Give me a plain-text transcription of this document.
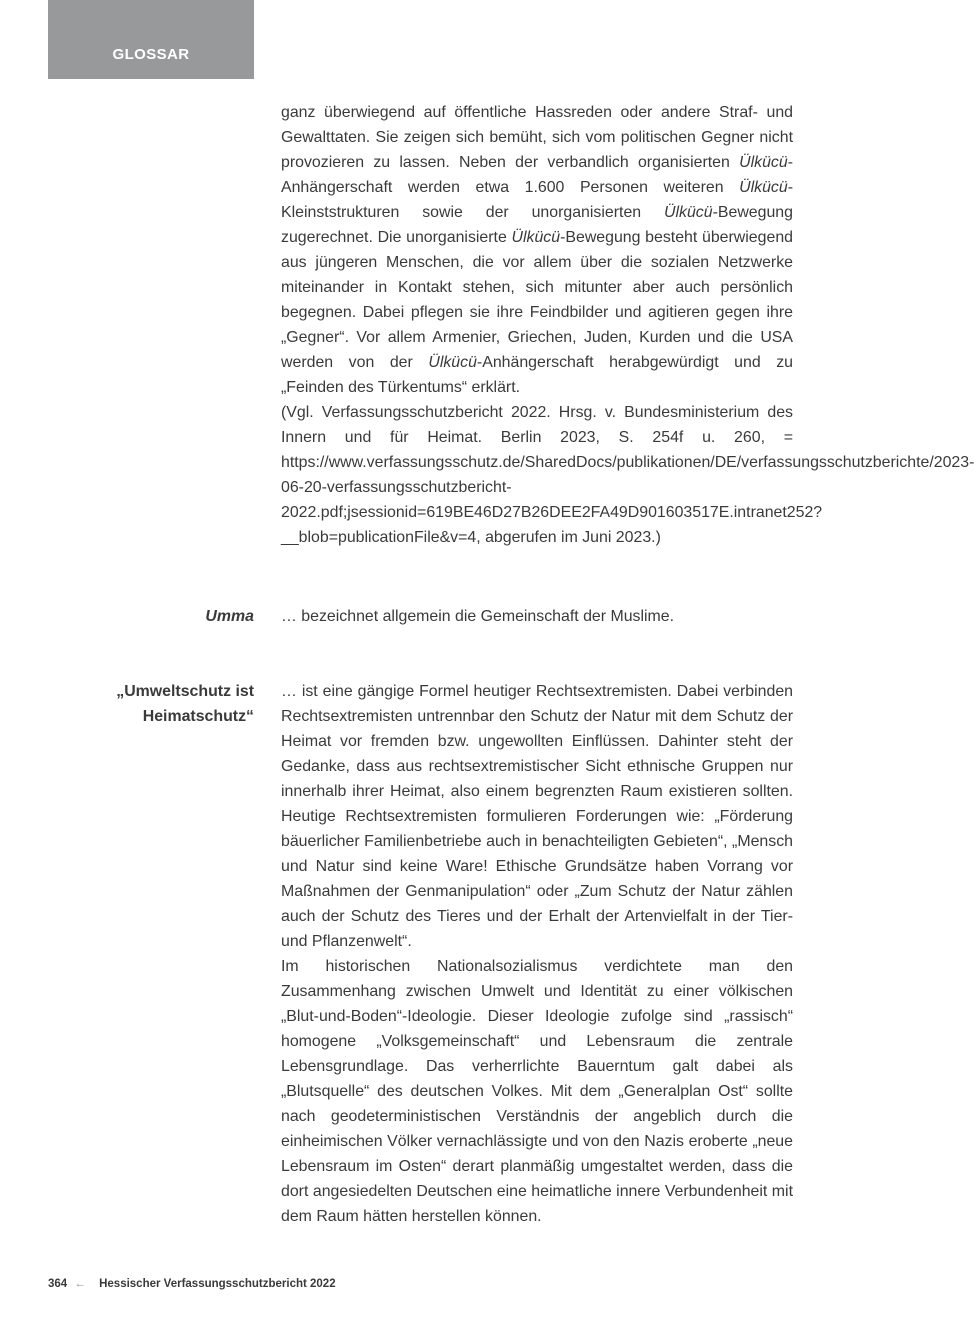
GLOSSAR

ganz überwiegend auf öffentliche Hassreden oder andere Straf- und Gewalttaten. Sie zeigen sich bemüht, sich vom politischen Gegner nicht provozieren zu lassen. Neben der verbandlich organisierten Ülkücü-Anhängerschaft werden etwa 1.600 Personen weiteren Ülkücü-Kleinststrukturen sowie der unorganisierten Ülkücü-Bewegung zugerechnet. Die unorganisierte Ülkücü-Bewegung besteht überwiegend aus jüngeren Menschen, die vor allem über die sozialen Netzwerke miteinander in Kontakt stehen, sich mitunter aber auch persönlich begegnen. Dabei pflegen sie ihre Feindbilder und agitieren gegen ihre „Gegner“. Vor allem Armenier, Griechen, Juden, Kurden und die USA werden von der Ülkücü-Anhängerschaft herabgewürdigt und zu „Feinden des Türkentums“ erklärt.

(Vgl. Verfassungsschutzbericht 2022. Hrsg. v. Bundesministerium des Innern und für Heimat. Berlin 2023, S. 254f u. 260, = https://www.verfassungsschutz.de/SharedDocs/publikationen/DE/verfassungsschutzberichte/2023-06-20-verfassungsschutzbericht-2022.pdf;jsessionid=619BE46D27B26DEE2FA49D901603517E.intranet252?__blob=publicationFile&v=4, abgerufen im Juni 2023.)

Umma … bezeichnet allgemein die Gemeinschaft der Muslime.

„Umweltschutz ist Heimatschutz“

… ist eine gängige Formel heutiger Rechtsextremisten. Dabei verbinden Rechtsextremisten untrennbar den Schutz der Natur mit dem Schutz der Heimat vor fremden bzw. ungewollten Einflüssen. Dahinter steht der Gedanke, dass aus rechtsextremistischer Sicht ethnische Gruppen nur innerhalb ihrer Heimat, also einem begrenzten Raum existieren sollten. Heutige Rechtsextremisten formulieren Forderungen wie: „Förderung bäuerlicher Familienbetriebe auch in benachteiligten Gebieten“, „Mensch und Natur sind keine Ware! Ethische Grundsätze haben Vorrang vor Maßnahmen der Genmanipulation“ oder „Zum Schutz der Natur zählen auch der Schutz des Tieres und der Erhalt der Artenvielfalt in der Tier- und Pflanzenwelt“.

Im historischen Nationalsozialismus verdichtete man den Zusammenhang zwischen Umwelt und Identität zu einer völkischen „Blut-und-Boden“-Ideologie. Dieser Ideologie zufolge sind „rassisch“ homogene „Volksgemeinschaft“ und Lebensraum die zentrale Lebensgrundlage. Das verherrlichte Bauerntum galt dabei als „Blutsquelle“ des deutschen Volkes. Mit dem „Generalplan Ost“ sollte nach geodeterministischen Verständnis der angeblich durch die einheimischen Völker vernachlässigte und von den Nazis eroberte „neue Lebensraum im Osten“ derart planmäßig umgestaltet werden, dass die dort angesiedelten Deutschen eine heimatliche innere Verbundenheit mit dem Raum hätten herstellen können.

364 ← Hessischer Verfassungsschutzbericht 2022
